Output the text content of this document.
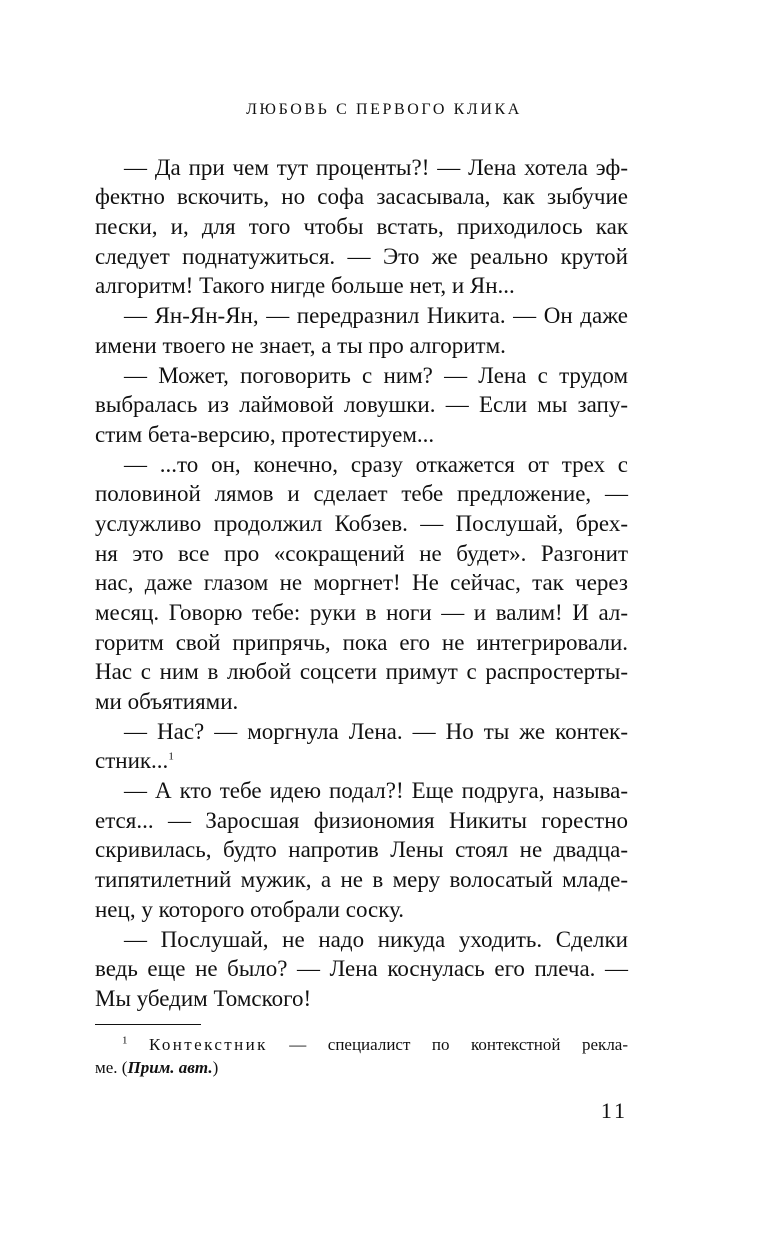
ЛЮБОВЬ С ПЕРВОГО КЛИКА
— Да при чем тут проценты?! — Лена хотела эф-
фектно вскочить, но софа засасывала, как зыбучие
пески, и, для того чтобы встать, приходилось как
следует поднатужиться. — Это же реально крутой
алгоритм! Такого нигде больше нет, и Ян...
— Ян-Ян-Ян, — передразнил Никита. — Он даже
имени твоего не знает, а ты про алгоритм.
— Может, поговорить с ним? — Лена с трудом
выбралась из лаймовой ловушки. — Если мы запу-
стим бета-версию, протестируем...
— ...то он, конечно, сразу откажется от трех с
половиной лямов и сделает тебе предложение, —
услужливо продолжил Кобзев. — Послушай, брех-
ня это все про «сокращений не будет». Разгонит
нас, даже глазом не моргнет! Не сейчас, так через
месяц. Говорю тебе: руки в ноги — и валим! И ал-
горитм свой припрячь, пока его не интегрировали.
Нас с ним в любой соцсети примут с распростерты-
ми объятиями.
— Нас? — моргнула Лена. — Но ты же контек-
стник...$^1$
— А кто тебе идею подал?! Еще подруга, называ-
ется... — Заросшая физиономия Никиты горестно
скривилась, будто напротив Лены стоял не двадца-
типятилетний мужик, а не в меру волосатый младе-
нец, у которого отобрали соску.
— Послушай, не надо никуда уходить. Сделки
ведь еще не было? — Лена коснулась его плеча. —
Мы убедим Томского!
$^1$ Контекстник — специалист по контекстной рекла-
ме. (Прим. авт.)
11
